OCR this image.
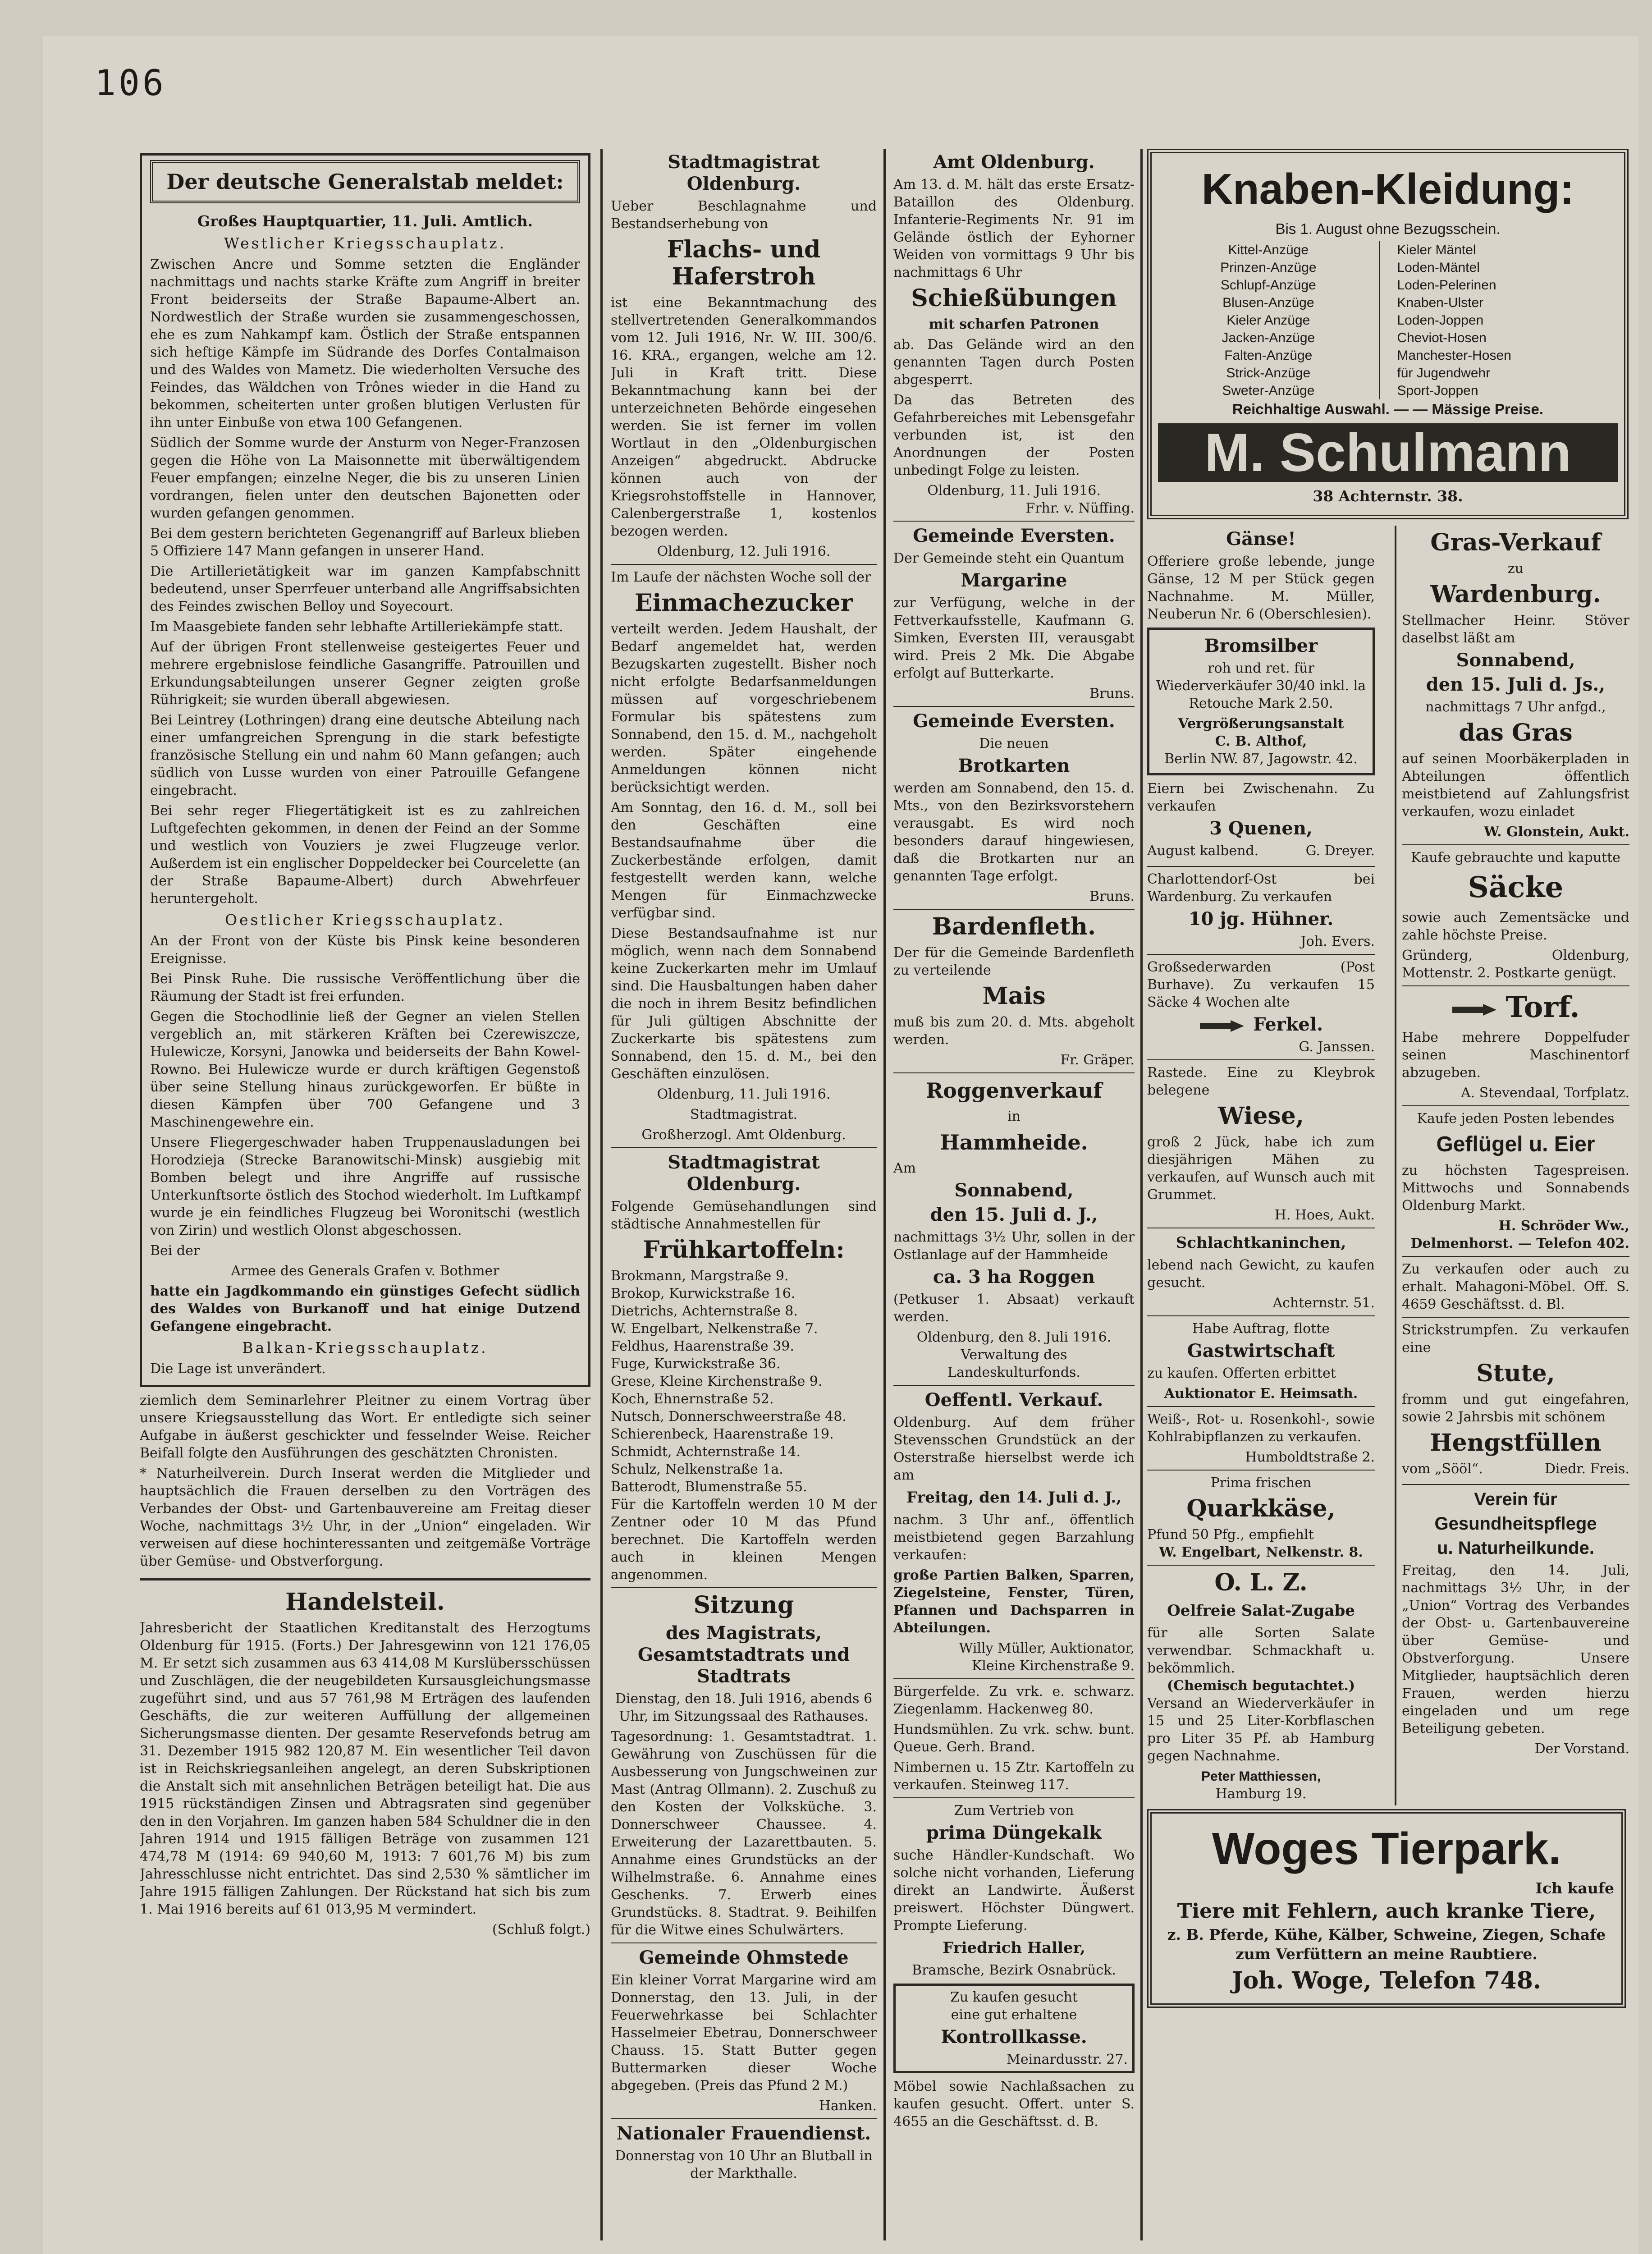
106
Der deutsche Generalstab meldet:

Großes Hauptquartier, 11. Juli. Amtlich.

Westlicher Kriegsschauplatz.

Zwischen Ancre und Somme setzten die Engländer nachmittags und nachts starke Kräfte zum Angriff in breiter Front beiderseits der Straße Bapaume-Albert an. Nordwestlich der Straße wurden sie zusammengeschossen, ehe es zum Nahkampf kam. Östlich der Straße entspannen sich heftige Kämpfe im Südrande des Dorfes Contalmaison und des Waldes von Mametz. Die wiederholten Versuche des Feindes, das Wäldchen von Trônes wieder in die Hand zu bekommen, scheiterten unter großen blutigen Verlusten für ihn unter Einbuße von etwa 100 Gefangenen.

Südlich der Somme wurde der Ansturm von Neger-Franzosen gegen die Höhe von La Maisonnette mit überwältigendem Feuer empfangen; einzelne Neger, die bis zu unseren Linien vordrangen, fielen unter den deutschen Bajonetten oder wurden gefangen genommen.

Bei dem gestern berichteten Gegenangriff auf Barleux blieben 5 Offiziere 147 Mann gefangen in unserer Hand.

Die Artillerietätigkeit war im ganzen Kampfabschnitt bedeutend, unser Sperrfeuer unterband alle Angriffsabsichten des Feindes zwischen Belloy und Soyecourt.

Im Maasgebiete fanden sehr lebhafte Artilleriekämpfe statt.

Auf der übrigen Front stellenweise gesteigertes Feuer und mehrere ergebnislose feindliche Gasangriffe. Patrouillen und Erkundungsabteilungen unserer Gegner zeigten große Rührigkeit; sie wurden überall abgewiesen.

Bei Leintrey (Lothringen) drang eine deutsche Abteilung nach einer umfangreichen Sprengung in die stark befestigte französische Stellung ein und nahm 60 Mann gefangen; auch südlich von Lusse wurden von einer Patrouille Gefangene eingebracht.

Bei sehr reger Fliegertätigkeit ist es zu zahlreichen Luftgefechten gekommen, in denen der Feind an der Somme und westlich von Vouziers je zwei Flugzeuge verlor. Außerdem ist ein englischer Doppeldecker bei Courcelette (an der Straße Bapaume-Albert) durch Abwehrfeuer heruntergeholt.

Oestlicher Kriegsschauplatz.

An der Front von der Küste bis Pinsk keine besonderen Ereignisse.

Bei Pinsk Ruhe. Die russische Veröffentlichung über die Räumung der Stadt ist frei erfunden.

Gegen die Stochodlinie ließ der Gegner an vielen Stellen vergeblich an, mit stärkeren Kräften bei Czerewiszcze, Hulewicze, Korsyni, Janowka und beiderseits der Bahn Kowel-Rowno. Bei Hulewicze wurde er durch kräftigen Gegenstoß über seine Stellung hinaus zurückgeworfen. Er büßte in diesen Kämpfen über 700 Gefangene und 3 Maschinengewehre ein.

Unsere Fliegergeschwader haben Truppenausladungen bei Horodzieja (Strecke Baranowitschi-Minsk) ausgiebig mit Bomben belegt und ihre Angriffe auf russische Unterkunftsorte östlich des Stochod wiederholt. Im Luftkampf wurde je ein feindliches Flugzeug bei Woronitschi (westlich von Zirin) und westlich Olonst abgeschossen.

Bei der

Armee des Generals Grafen v. Bothmer

hatte ein Jagdkommando ein günstiges Gefecht südlich des Waldes von Burkanoff und hat einige Dutzend Gefangene eingebracht.

Balkan-Kriegsschauplatz.

Die Lage ist unverändert.

ziemlich dem Seminarlehrer Pleitner zu einem Vortrag über unsere Kriegsausstellung das Wort. Er entledigte sich seiner Aufgabe in äußerst geschickter und fesselnder Weise. Reicher Beifall folgte den Ausführungen des geschätzten Chronisten.

* Naturheilverein. Durch Inserat werden die Mitglieder und hauptsächlich die Frauen derselben zu den Vorträgen des Verbandes der Obst- und Gartenbauvereine am Freitag dieser Woche, nachmittags 3½ Uhr, in der „Union“ eingeladen. Wir verweisen auf diese hochinteressanten und zeitgemäße Vorträge über Gemüse- und Obstverforgung.

Handelsteil.

Jahresbericht der Staatlichen Kreditanstalt des Herzogtums Oldenburg für 1915. (Forts.) Der Jahresgewinn von 121 176,05 M. Er setzt sich zusammen aus 63 414,08 M Kurslübersschüssen und Zuschlägen, die der neugebildeten Kursausgleichungsmasse zugeführt sind, und aus 57 761,98 M Erträgen des laufenden Geschäfts, die zur weiteren Auffüllung der allgemeinen Sicherungsmasse dienten. Der gesamte Reservefonds betrug am 31. Dezember 1915 982 120,87 M. Ein wesentlicher Teil davon ist in Reichskriegsanleihen angelegt, an deren Subskriptionen die Anstalt sich mit ansehnlichen Beträgen beteiligt hat. Die aus 1915 rückständigen Zinsen und Abtragsraten sind gegenüber den in den Vorjahren. Im ganzen haben 584 Schuldner die in den Jahren 1914 und 1915 fälligen Beträge von zusammen 121 474,78 M (1914: 69 940,60 M, 1913: 7 601,76 M) bis zum Jahresschlusse nicht entrichtet. Das sind 2,530 % sämtlicher im Jahre 1915 fälligen Zahlungen. Der Rückstand hat sich bis zum 1. Mai 1916 bereits auf 61 013,95 M vermindert.

(Schluß folgt.)

Stadtmagistrat Oldenburg.

Ueber Beschlagnahme und Bestandserhebung von

Flachs- und Haferstroh

ist eine Bekanntmachung des stellvertretenden Generalkommandos vom 12. Juli 1916, Nr. W. III. 300/6. 16. KRA., ergangen, welche am 12. Juli in Kraft tritt. Diese Bekanntmachung kann bei der unterzeichneten Behörde eingesehen werden. Sie ist ferner im vollen Wortlaut in den „Oldenburgischen Anzeigen“ abgedruckt. Abdrucke können auch von der Kriegsrohstoffstelle in Hannover, Calenbergerstraße 1, kostenlos bezogen werden.

Oldenburg, 12. Juli 1916.

Im Laufe der nächsten Woche soll der

Einmachezucker

verteilt werden. Jedem Haushalt, der Bedarf angemeldet hat, werden Bezugskarten zugestellt. Bisher noch nicht erfolgte Bedarfsanmeldungen müssen auf vorgeschriebenem Formular bis spätestens zum Sonnabend, den 15. d. M., nachgeholt werden. Später eingehende Anmeldungen können nicht berücksichtigt werden.

Am Sonntag, den 16. d. M., soll bei den Geschäften eine Bestandsaufnahme über die Zuckerbestände erfolgen, damit festgestellt werden kann, welche Mengen für Einmachzwecke verfügbar sind.

Diese Bestandsaufnahme ist nur möglich, wenn nach dem Sonnabend keine Zuckerkarten mehr im Umlauf sind. Die Hausbaltungen haben daher die noch in ihrem Besitz befindlichen für Juli gültigen Abschnitte der Zuckerkarte bis spätestens zum Sonnabend, den 15. d. M., bei den Geschäften einzulösen.

Oldenburg, 11. Juli 1916.

Stadtmagistrat.

Großherzogl. Amt Oldenburg.

Stadtmagistrat Oldenburg.

Folgende Gemüsehandlungen sind städtische Annahmestellen für

Frühkartoffeln:

Brokmann, Margstraße 9.

Brokop, Kurwickstraße 16.

Dietrichs, Achternstraße 8.

W. Engelbart, Nelkenstraße 7.

Feldhus, Haarenstraße 39.

Fuge, Kurwickstraße 36.

Grese, Kleine Kirchenstraße 9.

Koch, Ehnernstraße 52.

Nutsch, Donnerschweerstraße 48.

Schierenbeck, Haarenstraße 19.

Schmidt, Achternstraße 14.

Schulz, Nelkenstraße 1a.

Batterodt, Blumenstraße 55.

Für die Kartoffeln werden 10 M der Zentner oder 10 M das Pfund berechnet. Die Kartoffeln werden auch in kleinen Mengen angenommen.

Sitzung
des Magistrats, Gesamtstadtrats und Stadtrats

Dienstag, den 18. Juli 1916, abends 6 Uhr, im Sitzungssaal des Rathauses.

Tagesordnung: 1. Gesamtstadtrat. 1. Gewährung von Zuschüssen für die Ausbesserung von Jungschweinen zur Mast (Antrag Ollmann). 2. Zuschuß zu den Kosten der Volksküche. 3. Donnerschweer Chaussee. 4. Erweiterung der Lazarettbauten. 5. Annahme eines Grundstücks an der Wilhelmstraße. 6. Annahme eines Geschenks. 7. Erwerb eines Grundstücks. 8. Stadtrat. 9. Beihilfen für die Witwe eines Schulwärters.

Gemeinde Ohmstede

Ein kleiner Vorrat Margarine wird am Donnerstag, den 13. Juli, in der Feuerwehrkasse bei Schlachter Hasselmeier Ebetrau, Donnerschweer Chauss. 15. Statt Butter gegen Buttermarken dieser Woche abgegeben. (Preis das Pfund 2 M.)

Hanken.

Nationaler Frauendienst.

Donnerstag von 10 Uhr an Blutball in der Markthalle.

Amt Oldenburg.

Am 13. d. M. hält das erste Ersatz-Bataillon des Oldenburg. Infanterie-Regiments Nr. 91 im Gelände östlich der Eyhorner Weiden von vormittags 9 Uhr bis nachmittags 6 Uhr

Schießübungen

mit scharfen Patronen

ab. Das Gelände wird an den genannten Tagen durch Posten abgesperrt.

Da das Betreten des Gefahrbereiches mit Lebensgefahr verbunden ist, ist den Anordnungen der Posten unbedingt Folge zu leisten.

Oldenburg, 11. Juli 1916.

Frhr. v. Nüffing.

Gemeinde Eversten.

Der Gemeinde steht ein Quantum

Margarine

zur Verfügung, welche in der Fettverkaufsstelle, Kaufmann G. Simken, Eversten III, verausgabt wird. Preis 2 Mk. Die Abgabe erfolgt auf Butterkarte.

Bruns.

Gemeinde Eversten.

Die neuen

Brotkarten

werden am Sonnabend, den 15. d. Mts., von den Bezirksvorstehern verausgabt. Es wird noch besonders darauf hingewiesen, daß die Brotkarten nur an genannten Tage erfolgt.

Bruns.

Bardenfleth.

Der für die Gemeinde Bardenfleth zu verteilende

Mais

muß bis zum 20. d. Mts. abgeholt werden.

Fr. Gräper.

Roggenverkauf

in

Hammheide.

Am

Sonnabend,
den 15. Juli d. J.,

nachmittags 3½ Uhr, sollen in der Ostlanlage auf der Hammheide

ca. 3 ha Roggen

(Petkuser 1. Absaat) verkauft werden.

Oldenburg, den 8. Juli 1916.

Verwaltung des Landeskulturfonds.

Oeffentl. Verkauf.

Oldenburg. Auf dem früher Stevensschen Grundstück an der Osterstraße hierselbst werde ich am

Freitag, den 14. Juli d. J.,

nachm. 3 Uhr anf., öffentlich meistbietend gegen Barzahlung verkaufen:

große Partien Balken, Sparren, Ziegelsteine, Fenster, Türen, Pfannen und Dachsparren in Abteilungen.

Willy Müller, Auktionator,

Kleine Kirchenstraße 9.

Bürgerfelde. Zu vrk. e. schwarz. Ziegenlamm. Hackenweg 80.

Hundsmühlen. Zu vrk. schw. bunt. Queue. Gerh. Brand.

Nimbernen u. 15 Ztr. Kartoffeln zu verkaufen. Steinweg 117.

Zum Vertrieb von

prima Düngekalk

suche Händler-Kundschaft. Wo solche nicht vorhanden, Lieferung direkt an Landwirte. Äußerst preiswert. Höchster Düngwert. Prompte Lieferung.

Friedrich Haller,

Bramsche, Bezirk Osnabrück.

Zu kaufen gesucht

eine gut erhaltene

Kontrollkasse.

Meinardusstr. 27.

Möbel sowie Nachlaßsachen zu kaufen gesucht. Offert. unter S. 4655 an die Geschäftsst. d. B.

Knaben-Kleidung:

Bis 1. August ohne Bezugsschein.

Kittel-Anzüge

Prinzen-Anzüge

Schlupf-Anzüge

Blusen-Anzüge

Kieler Anzüge

Jacken-Anzüge

Falten-Anzüge

Strick-Anzüge

Sweter-Anzüge

Kieler Mäntel

Loden-Mäntel

Loden-Pelerinen

Knaben-Ulster

Loden-Joppen

Cheviot-Hosen

Manchester-Hosen

für Jugendwehr

Sport-Joppen

Reichhaltige Auswahl. — — Mässige Preise.

M. Schulmann

38 Achternstr. 38.

Gänse!

Offeriere große lebende, junge Gänse, 12 M per Stück gegen Nachnahme. M. Müller, Neuberun Nr. 6 (Oberschlesien).

Bromsilber

roh und ret. für Wiederverkäufer 30/40 inkl. la Retouche Mark 2.50.

Vergrößerungsanstalt

C. B. Althof,

Berlin NW. 87, Jagowstr. 42.

Eiern bei Zwischenahn. Zu verkaufen

3 Quenen,

August kalbend.	G. Dreyer.

Charlottendorf-Ost bei Wardenburg. Zu verkaufen

10 jg. Hühner.

Joh. Evers.

Großsederwarden (Post Burhave). Zu verkaufen 15 Säcke 4 Wochen alte

Ferkel.

G. Janssen.

Rastede. Eine zu Kleybrok belegene

Wiese,

groß 2 Jück, habe ich zum diesjährigen Mähen zu verkaufen, auf Wunsch auch mit Grummet.

H. Hoes, Aukt.

Schlachtkaninchen,

lebend nach Gewicht, zu kaufen gesucht.

Achternstr. 51.

Habe Auftrag, flotte

Gastwirtschaft

zu kaufen. Offerten erbittet

Auktionator E. Heimsath.

Weiß-, Rot- u. Rosenkohl-, sowie Kohlrabipflanzen zu verkaufen.

Humboldtstraße 2.

Prima frischen

Quarkkäse,

Pfund 50 Pfg., empfiehlt

W. Engelbart, Nelkenstr. 8.

O. L. Z.
Oelfreie Salat-Zugabe

für alle Sorten Salate verwendbar. Schmackhaft u. bekömmlich.

(Chemisch begutachtet.)

Versand an Wiederverkäufer in 15 und 25 Liter-Korbflaschen pro Liter 35 Pf. ab Hamburg gegen Nachnahme.

Peter Matthiessen,

Hamburg 19.

Gras-Verkauf

zu

Wardenburg.

Stellmacher Heinr. Stöver daselbst läßt am

Sonnabend,
den 15. Juli d. Js.,

nachmittags 7 Uhr anfgd.,

das Gras

auf seinen Moorbäkerpladen in Abteilungen öffentlich meistbietend auf Zahlungsfrist verkaufen, wozu einladet

W. Glonstein, Aukt.

Kaufe gebrauchte und kaputte

Säcke

sowie auch Zementsäcke und zahle höchste Preise.

Gründerg, Oldenburg, Mottenstr. 2. Postkarte genügt.

Torf.

Habe mehrere Doppelfuder seinen Maschinentorf abzugeben.

A. Stevendaal, Torfplatz.

Kaufe jeden Posten lebendes

Geflügel u. Eier

zu höchsten Tagespreisen. Mittwochs und Sonnabends Oldenburg Markt.

H. Schröder Ww., Delmenhorst. — Telefon 402.

Zu verkaufen oder auch zu erhalt. Mahagoni-Möbel. Off. S. 4659 Geschäftsst. d. Bl.

Strickstrumpfen. Zu verkaufen eine

Stute,

fromm und gut eingefahren, sowie 2 Jahrsbis mit schönem

Hengstfüllen

vom „Sööl“.	Diedr. Freis.

Verein für
Gesundheitspflege
u. Naturheilkunde.

Freitag, den 14. Juli, nachmittags 3½ Uhr, in der „Union“ Vortrag des Verbandes der Obst- u. Gartenbauvereine über Gemüse- und Obstverforgung. Unsere Mitglieder, hauptsächlich deren Frauen, werden hierzu eingeladen und um rege Beteiligung gebeten.

Der Vorstand.

Woges Tierpark.

Ich kaufe

Tiere mit Fehlern, auch kranke Tiere,

z. B. Pferde, Kühe, Kälber, Schweine, Ziegen, Schafe zum Verfüttern an meine Raubtiere.

Joh. Woge, Telefon 748.
